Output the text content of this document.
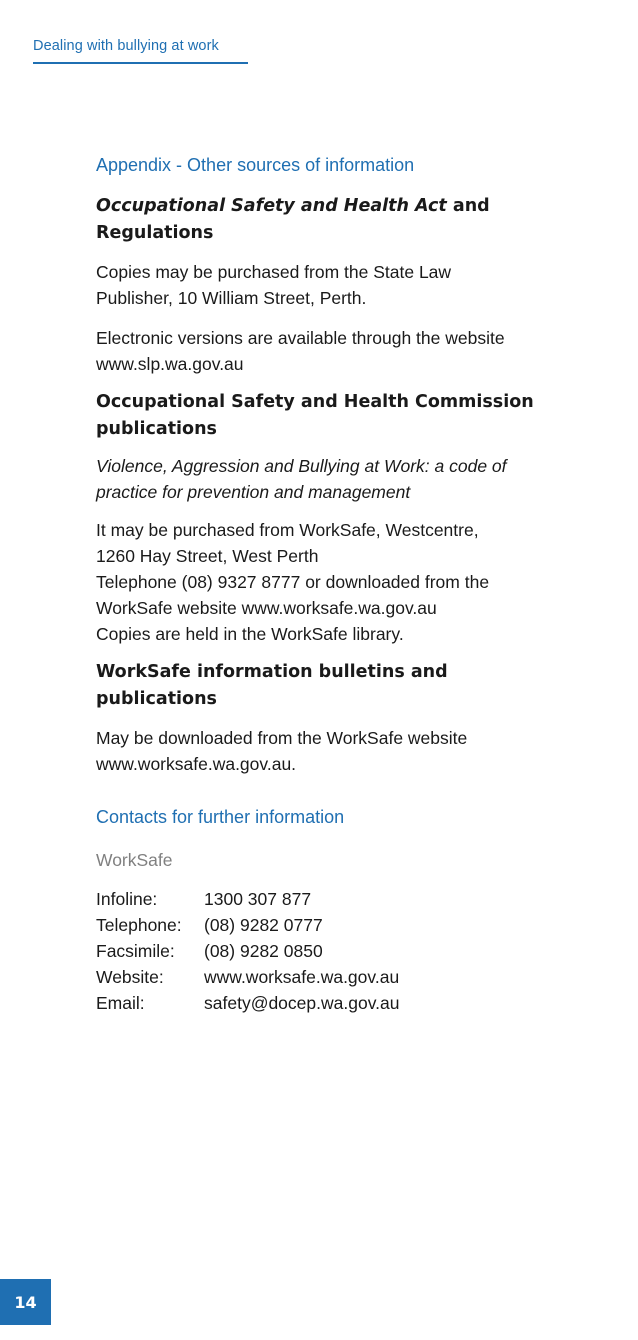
Dealing with bullying at work

Appendix - Other sources of information

Occupational Safety and Health Act and Regulations

Copies may be purchased from the State Law
Publisher, 10 William Street, Perth.

Electronic versions are available through the website
www.slp.wa.gov.au

Occupational Safety and Health Commission
publications

Violence, Aggression and Bullying at Work: a code of
practice for prevention and management

It may be purchased from WorkSafe, Westcentre,
1260 Hay Street, West Perth
Telephone (08) 9327 8777 or downloaded from the
WorkSafe website www.worksafe.wa.gov.au
Copies are held in the WorkSafe library.

WorkSafe information bulletins and
publications

May be downloaded from the WorkSafe website
www.worksafe.wa.gov.au.

Contacts for further information

WorkSafe

Infoline:	1300 307 877
Telephone:	(08) 9282 0777
Facsimile:	(08) 9282 0850
Website:	www.worksafe.wa.gov.au
Email:	safety@docep.wa.gov.au
14
